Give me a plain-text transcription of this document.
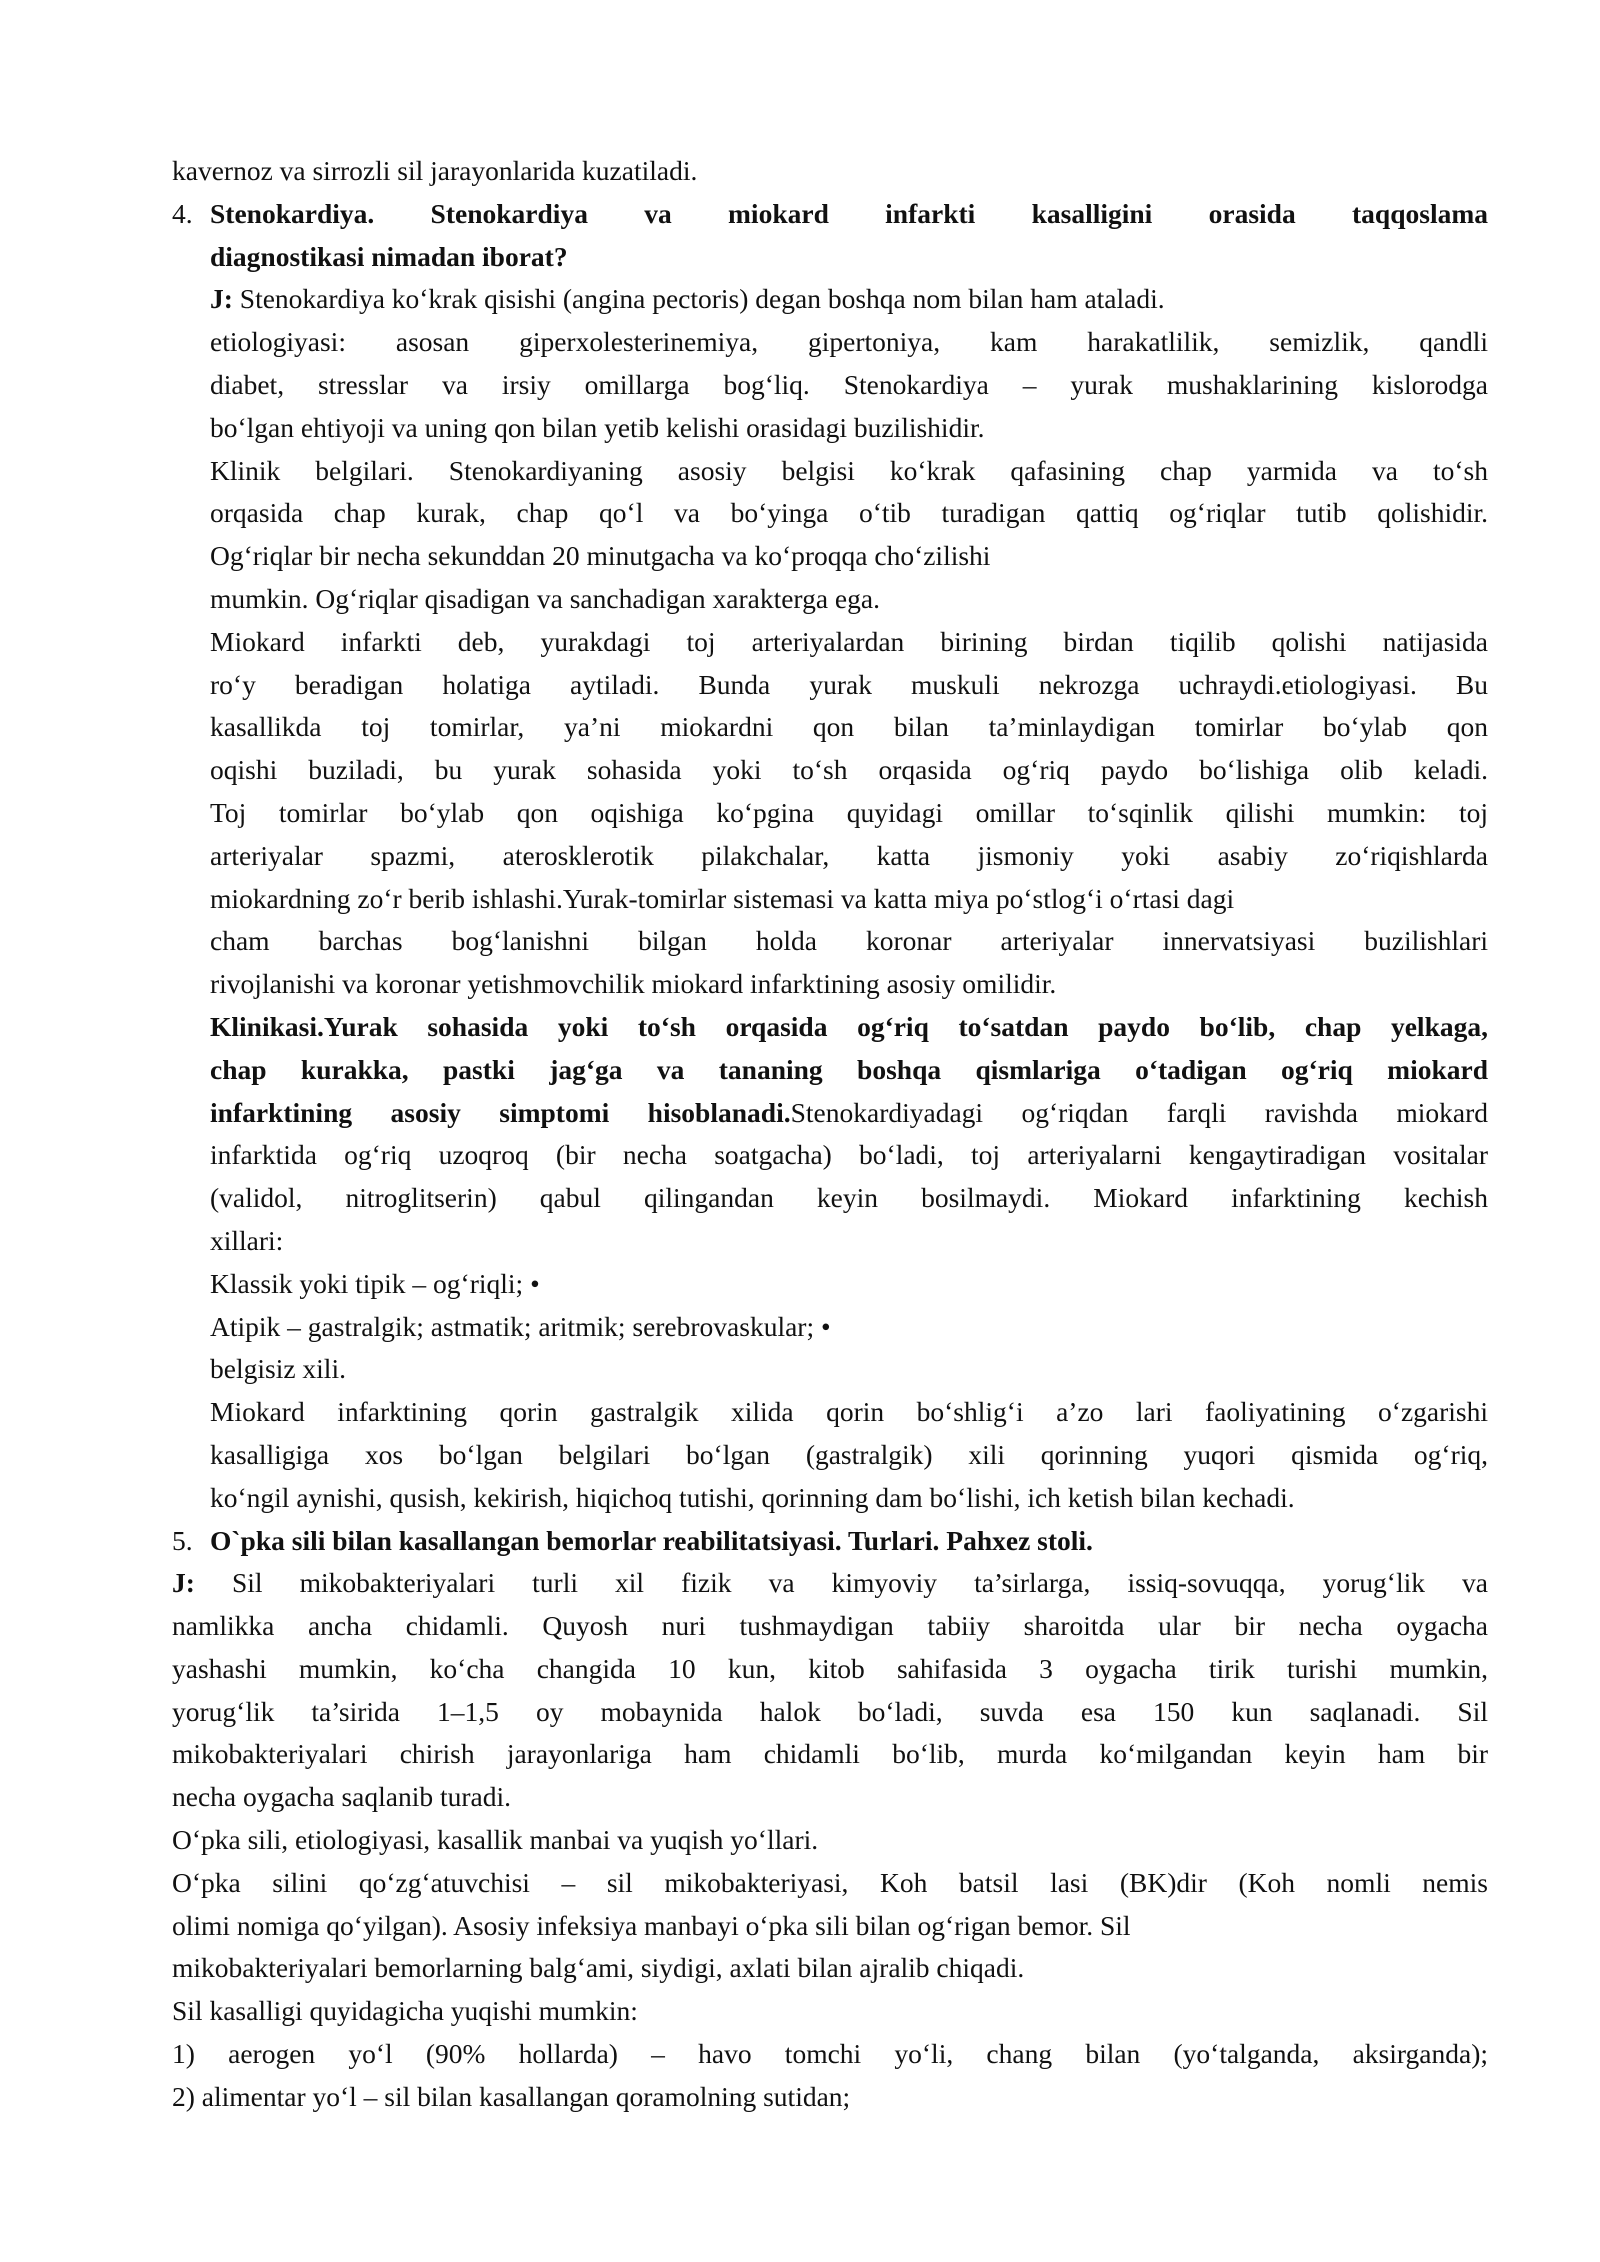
kavernoz va sirrozli sil jarayonlarida kuzatiladi.
4. Stenokardiya. Stenokardiya va miokard infarkti kasalligini orasida taqqoslama
diagnostikasi nimadan iborat?
J: Stenokardiya ko‘krak qisishi (angina pectoris) degan boshqa nom bilan ham ataladi.
etiologiyasi: asosan giperxolesterinemiya, gipertoniya, kam harakatlilik, semizlik, qandli
diabet, stresslar va irsiy omillarga bog‘liq. Stenokardiya – yurak mushaklarining kislorodga
bo‘lgan ehtiyoji va uning qon bilan yetib kelishi orasidagi buzilishidir.
Klinik belgilari. Stenokardiyaning asosiy belgisi ko‘krak qafasining chap yarmida va to‘sh
orqasida chap kurak, chap qo‘l va bo‘yinga o‘tib turadigan qattiq og‘riqlar tutib qolishidir.
Og‘riqlar bir necha sekunddan 20 minutgacha va ko‘proqqa cho‘zilishi
mumkin. Og‘riqlar qisadigan va sanchadigan xarakterga ega.
Miokard infarkti deb, yurakdagi toj arteriyalardan birining birdan tiqilib qolishi natijasida
ro‘y beradigan holatiga aytiladi. Bunda yurak muskuli nekrozga uchraydi.etiologiyasi. Bu
kasallikda toj tomirlar, ya’ni miokardni qon bilan ta’minlaydigan tomirlar bo‘ylab qon
oqishi buziladi, bu yurak sohasida yoki to‘sh orqasida og‘riq paydo bo‘lishiga olib keladi.
Toj tomirlar bo‘ylab qon oqishiga ko‘pgina quyidagi omillar to‘sqinlik qilishi mumkin: toj
arteriyalar spazmi, aterosklerotik pilakchalar, katta jismoniy yoki asabiy zo‘riqishlarda
miokardning zo‘r berib ishlashi.Yurak-tomirlar sistemasi va katta miya po‘stlog‘i o‘rtasi dagi
cham barchas bog‘lanishni bilgan holda koronar arteriyalar innervatsiyasi buzilishlari
rivojlanishi va koronar yetishmovchilik miokard infarktining asosiy omilidir.
Klinikasi.Yurak sohasida yoki to‘sh orqasida og‘riq to‘satdan paydo bo‘lib, chap yelkaga,
chap kurakka, pastki jag‘ga va tananing boshqa qismlariga o‘tadigan og‘riq miokard
infarktining asosiy simptomi hisoblanadi.Stenokardiyadagi og‘riqdan farqli ravishda miokard
infarktida og‘riq uzoqroq (bir necha soatgacha) bo‘ladi, toj arteriyalarni kengaytiradigan vositalar
(validol, nitroglitserin) qabul qilingandan keyin bosilmaydi. Miokard infarktining kechish
xillari:
Klassik yoki tipik – og‘riqli; •
Atipik – gastralgik; astmatik; aritmik; serebrovaskular; •
belgisiz xili.
Miokard infarktining qorin gastralgik xilida qorin bo‘shlig‘i a’zo lari faoliyatining o‘zgarishi
kasalligiga xos bo‘lgan belgilari bo‘lgan (gastralgik) xili qorinning yuqori qismida og‘riq,
ko‘ngil aynishi, qusish, kekirish, hiqichoq tutishi, qorinning dam bo‘lishi, ich ketish bilan kechadi.
5. O`pka sili bilan kasallangan bemorlar reabilitatsiyasi. Turlari. Pahxez stoli.
J: Sil mikobakteriyalari turli xil fizik va kimyoviy ta’sirlarga, issiq-sovuqqa, yorug‘lik va
namlikka ancha chidamli. Quyosh nuri tushmaydigan tabiiy sharoitda ular bir necha oygacha
yashashi mumkin, ko‘cha changida 10 kun, kitob sahifasida 3 oygacha tirik turishi mumkin,
yorug‘lik ta’sirida 1–1,5 oy mobaynida halok bo‘ladi, suvda esa 150 kun saqlanadi. Sil
mikobakteriyalari chirish jarayonlariga ham chidamli bo‘lib, murda ko‘milgandan keyin ham bir
necha oygacha saqlanib turadi.
O‘pka sili, etiologiyasi, kasallik manbai va yuqish yo‘llari.
O‘pka silini qo‘zg‘atuvchisi – sil mikobakteriyasi, Koh batsil lasi (BK)dir (Koh nomli nemis
olimi nomiga qo‘yilgan). Asosiy infeksiya manbayi o‘pka sili bilan og‘rigan bemor. Sil
mikobakteriyalari bemorlarning balg‘ami, siydigi, axlati bilan ajralib chiqadi.
Sil kasalligi quyidagicha yuqishi mumkin:
1) aerogen yo‘l (90% hollarda) – havo tomchi yo‘li, chang bilan (yo‘talganda, aksirganda);
2) alimentar yo‘l – sil bilan kasallangan qoramolning sutidan;
